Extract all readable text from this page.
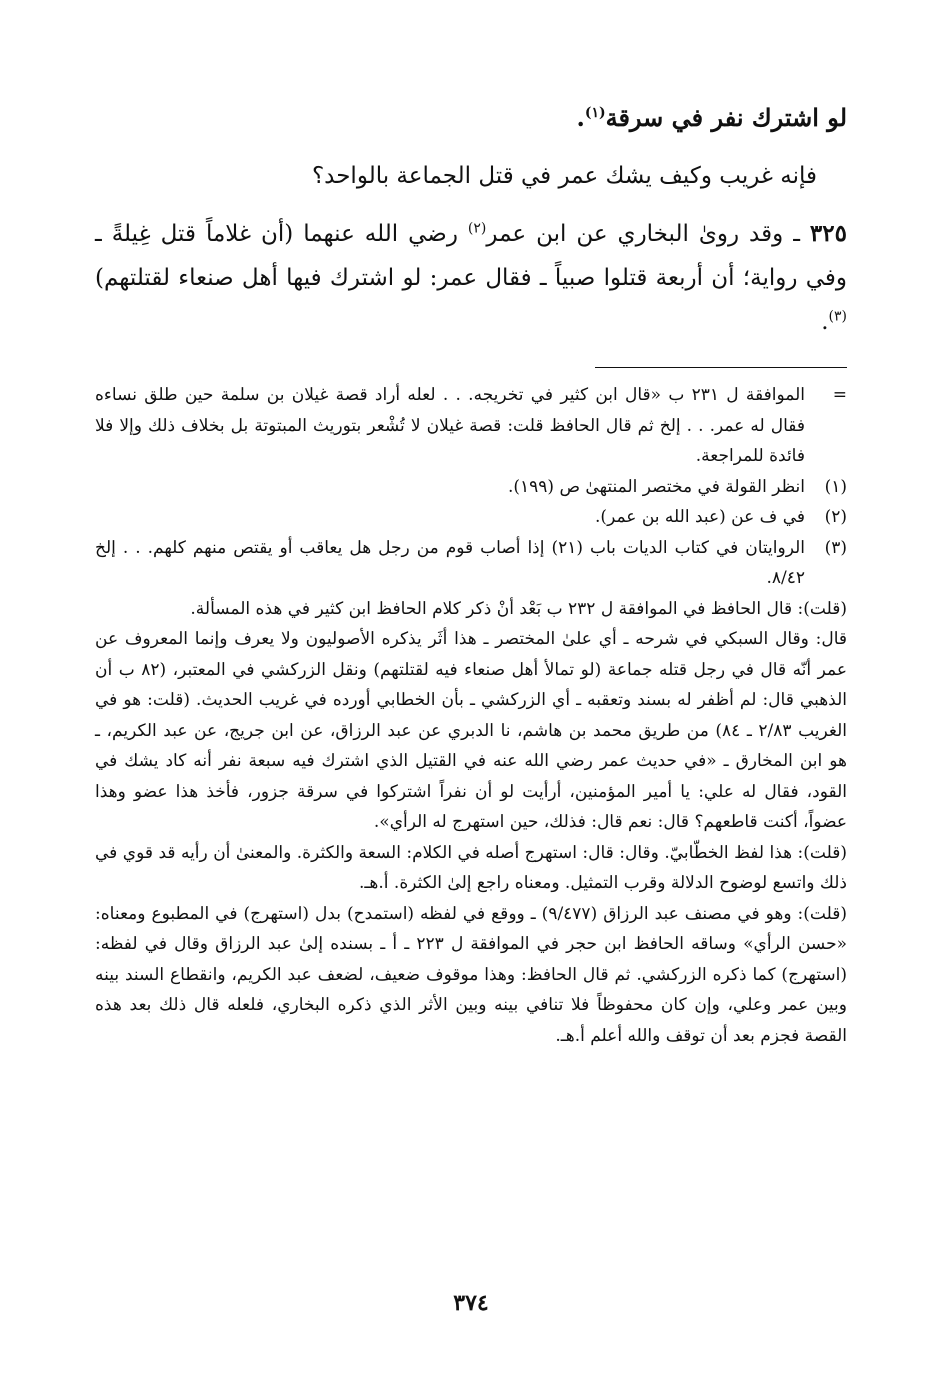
لو اشترك نفر في سرقة$^{(١)}$.
فإنه غريب وكيف يشك عمر في قتل الجماعة بالواحد؟
٣٢٥ ـ وقد روىٰ البخاري عن ابن عمر$^{(٢)}$ رضي الله عنهما (أن غلاماً قتل غِيلةً ـ وفي رواية؛ أن أربعة قتلوا صبياً ـ فقال عمر: لو اشترك فيها أهل صنعاء لقتلتهم)$^{(٣)}$.
=
الموافقة ل ٢٣١ ب «قال ابن كثير في تخريجه. . . لعله أراد قصة غيلان بن سلمة حين طلق نساءه فقال له عمر. . . إلخ ثم قال الحافظ قلت: قصة غيلان لا تُشْعر بتوريث المبتوتة بل بخلاف ذلك وإلا فلا فائدة للمراجعة.
(١)
انظر القولة في مختصر المنتهىٰ ص (١٩٩).
(٢)
في ف عن (عبد الله بن عمر).
(٣)
الروايتان في كتاب الديات باب (٢١) إذا أصاب قوم من رجل هل يعاقب أو يقتص منهم كلهم. . . إلخ ٨/٤٢.

(قلت): قال الحافظ في الموافقة ل ٢٣٢ ب بَعْد أنْ ذكر كلام الحافظ ابن كثير في هذه المسألة.

قال: وقال السبكي في شرحه ـ أي علىٰ المختصر ـ هذا أثَر يذكره الأصوليون ولا يعرف وإنما المعروف عن عمر أنّه قال في رجل قتله جماعة (لو تمالأ أهل صنعاء فيه لقتلتهم) ونقل الزركشي في المعتبر، (٨٢ ب أن الذهبي قال: لم أظفر له بسند وتعقبه ـ أي الزركشي ـ بأن الخطابي أورده في غريب الحديث. (قلت: هو في الغريب ٢/٨٣ ـ ٨٤) من طريق محمد بن هاشم، نا الدبري عن عبد الرزاق، عن ابن جريج، عن عبد الكريم، ـ هو ابن المخارق ـ «في حديث عمر رضي الله عنه في القتيل الذي اشترك فيه سبعة نفر أنه كاد يشك في القود، فقال له علي: يا أمير المؤمنين، أرأيت لو أن نفراً اشتركوا في سرقة جزور، فأخذ هذا عضو وهذا عضواً، أكنت قاطعهم؟ قال: نعم قال: فذلك، حين استهرج له الرأي».

(قلت): هذا لفظ الخطّابيّ. وقال: قال: استهرج أصله في الكلام: السعة والكثرة. والمعنىٰ أن رأيه قد قوي في ذلك واتسع لوضوح الدلالة وقرب التمثيل. ومعناه راجع إلىٰ الكثرة. أ.هـ.

(قلت): وهو في مصنف عبد الرزاق (٩/٤٧٧) ـ ووقع في لفظه (استمدح) بدل (استهرج) في المطبوع ومعناه: «حسن الرأي» وساقه الحافظ ابن حجر في الموافقة ل ٢٢٣ ـ أ ـ بسنده إلىٰ عبد الرزاق وقال في لفظه: (استهرج) كما ذكره الزركشي. ثم قال الحافظ: وهذا موقوف ضعيف، لضعف عبد الكريم، وانقطاع السند بينه وبين عمر وعلي، وإن كان محفوظاً فلا تنافي بينه وبين الأثر الذي ذكره البخاري، فلعله قال ذلك بعد هذه القصة فجزم بعد أن توقف والله أعلم أ.هـ.

٣٧٤
